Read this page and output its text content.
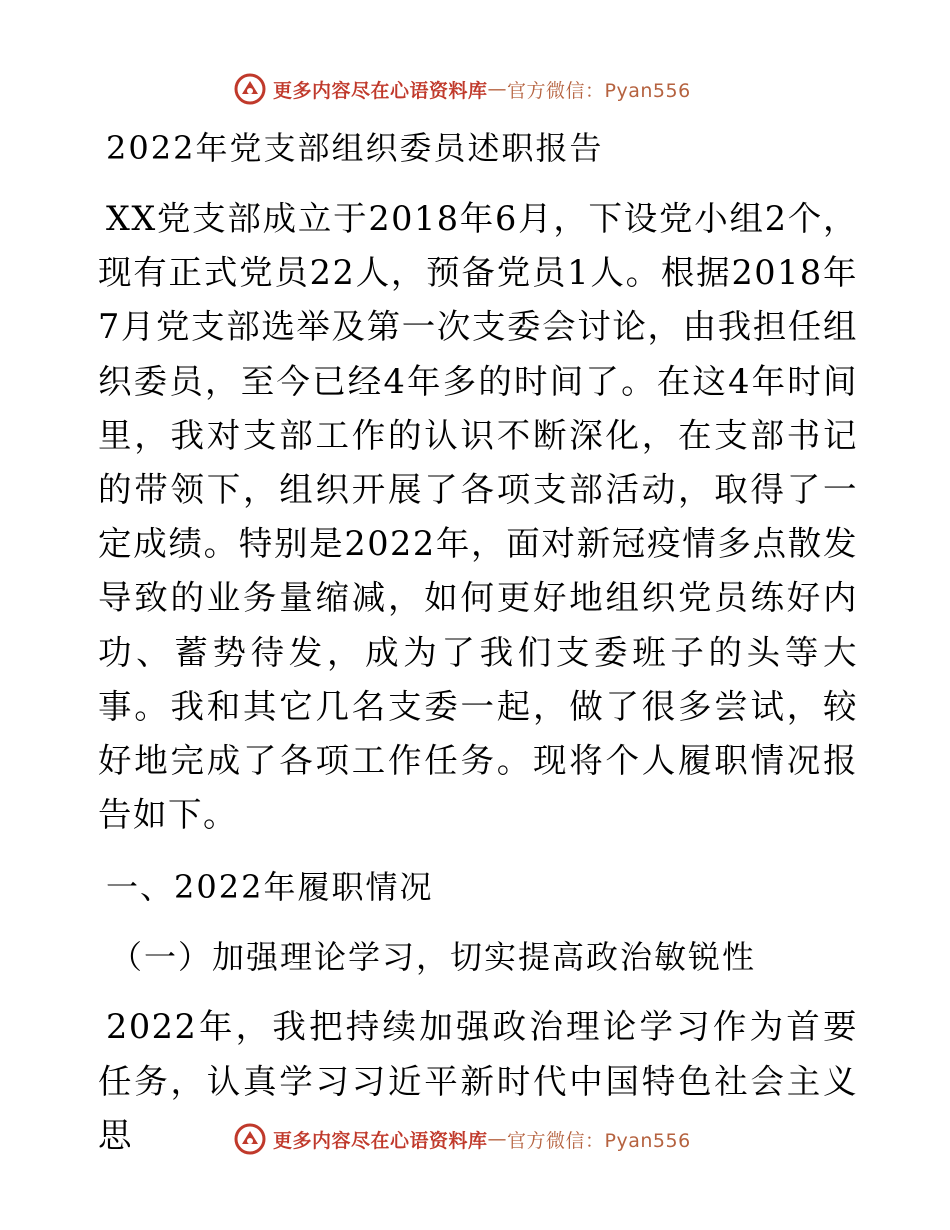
更多内容尽在心语资料库 — 官方微信：Pyan556
2022年党支部组织委员述职报告

XX党支部成立于2018年6月，下设党小组2个，现有正式党员22人，预备党员1人。根据2018年7月党支部选举及第一次支委会讨论，由我担任组织委员，至今已经4年多的时间了。在这4年时间里，我对支部工作的认识不断深化，在支部书记的带领下，组织开展了各项支部活动，取得了一定成绩。特别是2022年，面对新冠疫情多点散发导致的业务量缩减，如何更好地组织党员练好内功、蓄势待发，成为了我们支委班子的头等大事。我和其它几名支委一起，做了很多尝试，较好地完成了各项工作任务。现将个人履职情况报告如下。

一、2022年履职情况
（一）加强理论学习，切实提高政治敏锐性

2022年，我把持续加强政治理论学习作为首要任务，认真学习习近平新时代中国特色社会主义思	更多内容尽在心语资料库 — 官方微信：Pyan556
